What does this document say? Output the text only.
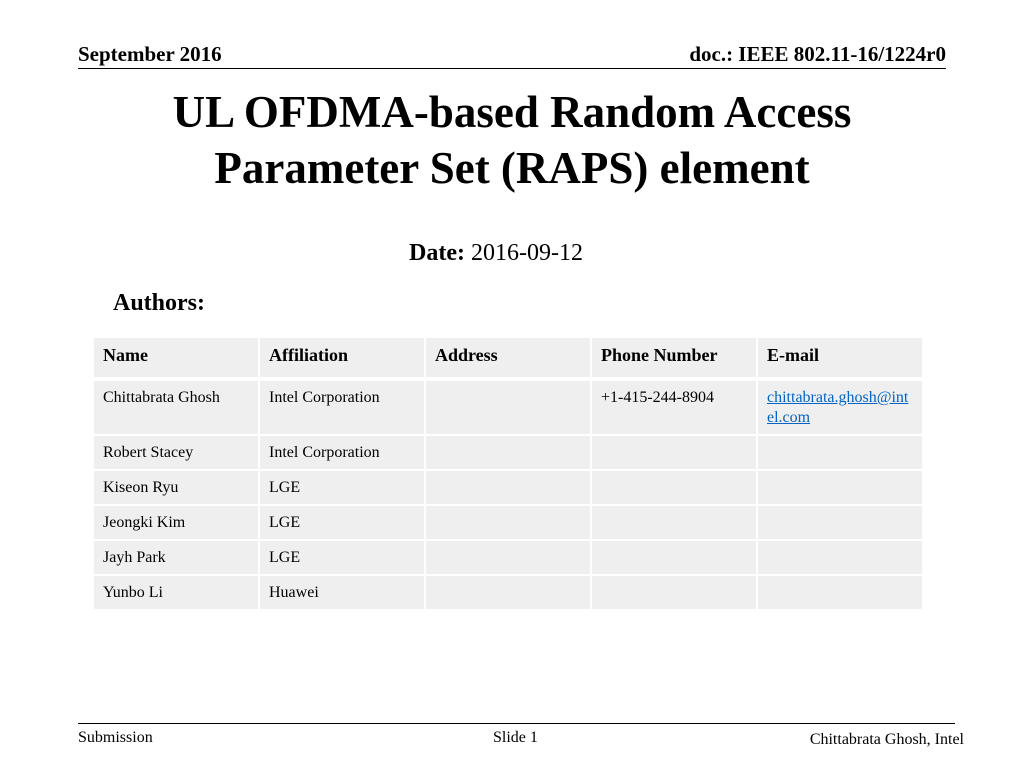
September 2016	doc.: IEEE 802.11-16/1224r0
UL OFDMA-based Random Access
Parameter Set (RAPS) element
Date: 2016-09-12
Authors:
Name	Affiliation	Address	Phone Number	E-mail
Chittabrata Ghosh	Intel Corporation		+1-415-244-8904	chittabrata.ghosh@intel.com
Robert Stacey	Intel Corporation			
Kiseon Ryu	LGE			
Jeongki Kim	LGE			
Jayh Park	LGE			
Yunbo Li	Huawei			
Submission	Slide 1	Chittabrata Ghosh, Intel
